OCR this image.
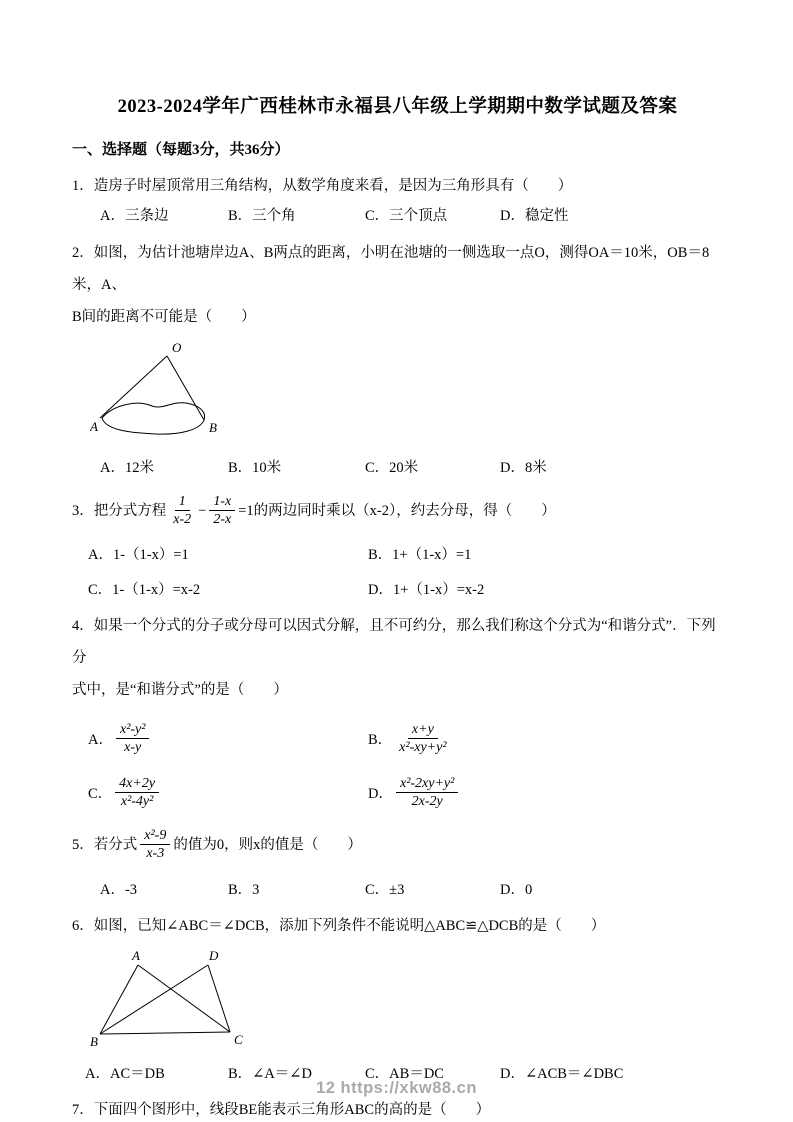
2023-2024学年广西桂林市永福县八年级上学期期中数学试题及答案
一、选择题（每题3分，共36分）
1．造房子时屋顶常用三角结构，从数学角度来看，是因为三角形具有（　　）
A．三条边	B．三个角	C．三个顶点	D．稳定性
2．如图，为估计池塘岸边A、B两点的距离，小明在池塘的一侧选取一点O，测得OA＝10米，OB＝8米，A、
B间的距离不可能是（　　）
O
A	B
A．12米	B．10米	C．20米	D．8米
3．把分式方程 $\frac{1}{x-2} - \frac{1-x}{2-x} =1$ 的两边同时乘以（x-2），约去分母，得（　　）
A．1-（1-x）=1	B．1+（1-x）=1
C．1-（1-x）=x-2	D．1+（1-x）=x-2
4．如果一个分式的分子或分母可以因式分解，且不可约分，那么我们称这个分式为“和谐分式”．下列分
式中，是“和谐分式”的是（　　）
A． $\frac{\text{x²-y²}}{x-y}$	B． $\frac{x+y}{\text{x²-xy+y²}}$
C． $\frac{4x+2y}{\text{x²-4y²}}$	D． $\frac{\text{x²-2xy+y²}}{2x-2y}$
5．若分式 $\frac{\text{x²-9}}{x-3}$ 的值为0，则x的值是（　　）
A．-3	B．3	C．±3	D．0
6．如图，已知∠ABC＝∠DCB，添加下列条件不能说明△ABC≌△DCB的是（　　）
A	D
B	C
A．AC＝DB	B．∠A＝∠D	C．AB＝DC	D．∠ACB＝∠DBC
7．下面四个图形中，线段BE能表示三角形ABC的高的是（　　）
12 https://xkw88.cn
